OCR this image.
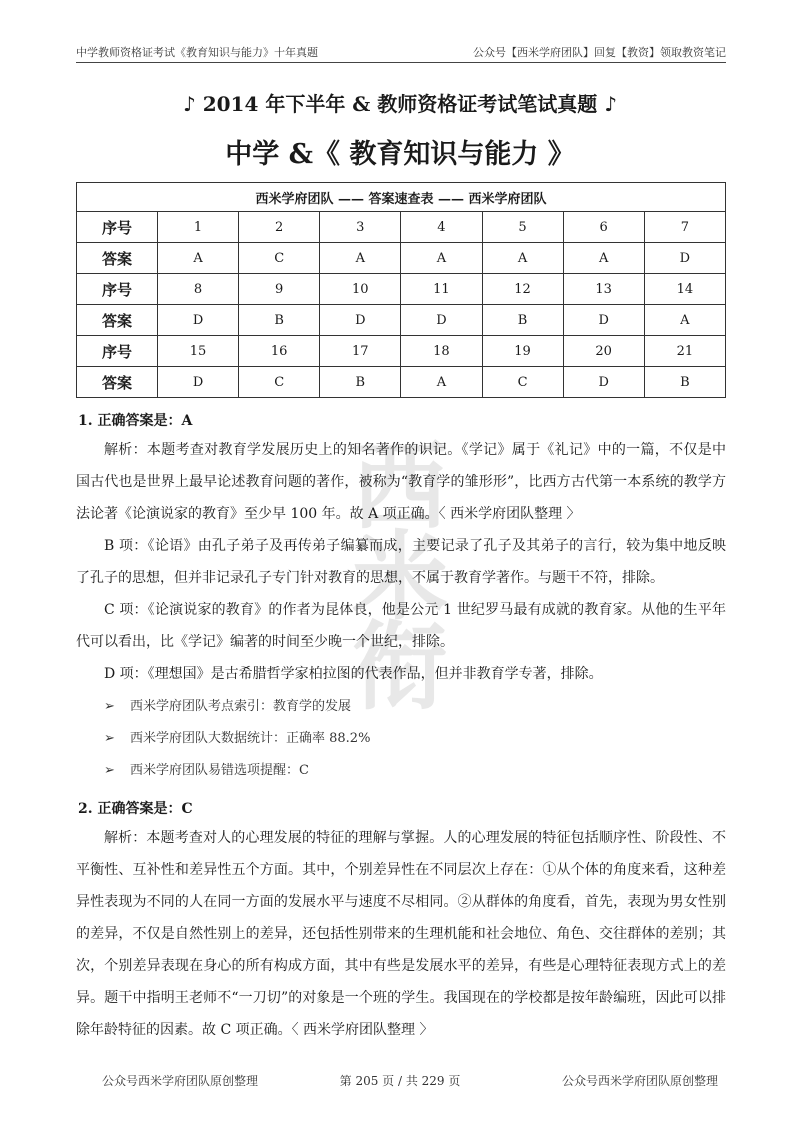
中学教师资格证考试《教育知识与能力》十年真题	公众号【西米学府团队】回复【教资】领取教资笔记
西
米
衔
♪ 2014 年下半年 & 教师资格证考试笔试真题 ♪
中学 &《 教育知识与能力 》
西米学府团队 —— 答案速查表 —— 西米学府团队							
序号	1	2	3	4	5	6	7
答案	A	C	A	A	A	A	D
序号	8	9	10	11	12	13	14
答案	D	B	D	D	B	D	A
序号	15	16	17	18	19	20	21
答案	D	C	B	A	C	D	B
1. 正确答案是：A
解析：本题考查对教育学发展历史上的知名著作的识记。《学记》属于《礼记》中的一篇，不仅是中国古代也是世界上最早论述教育问题的著作，被称为“教育学的雏形形”，比西方古代第一本系统的教学方法论著《论演说家的教育》至少早 100 年。故 A 项正确。〈 西米学府团队整理 〉
B 项：《论语》由孔子弟子及再传弟子编纂而成，主要记录了孔子及其弟子的言行，较为集中地反映了孔子的思想，但并非记录孔子专门针对教育的思想，不属于教育学著作。与题干不符，排除。
C 项：《论演说家的教育》的作者为昆体良，他是公元 1 世纪罗马最有成就的教育家。从他的生平年代可以看出，比《学记》编著的时间至少晚一个世纪，排除。
D 项：《理想国》是古希腊哲学家柏拉图的代表作品，但并非教育学专著，排除。
➢ 西米学府团队考点索引：教育学的发展
➢ 西米学府团队大数据统计：正确率 88.2%
➢ 西米学府团队易错选项提醒：C
2. 正确答案是：C
解析：本题考查对人的心理发展的特征的理解与掌握。人的心理发展的特征包括顺序性、阶段性、不平衡性、互补性和差异性五个方面。其中，个别差异性在不同层次上存在：①从个体的角度来看，这种差异性表现为不同的人在同一方面的发展水平与速度不尽相同。②从群体的角度看，首先，表现为男女性别的差异，不仅是自然性别上的差异，还包括性别带来的生理机能和社会地位、角色、交往群体的差别；其次，个别差异表现在身心的所有构成方面，其中有些是发展水平的差异，有些是心理特征表现方式上的差异。题干中指明王老师不“一刀切”的对象是一个班的学生。我国现在的学校都是按年龄编班，因此可以排除年龄特征的因素。故 C 项正确。〈 西米学府团队整理 〉
公众号西米学府团队原创整理	第 205 页 / 共 229 页	公众号西米学府团队原创整理
